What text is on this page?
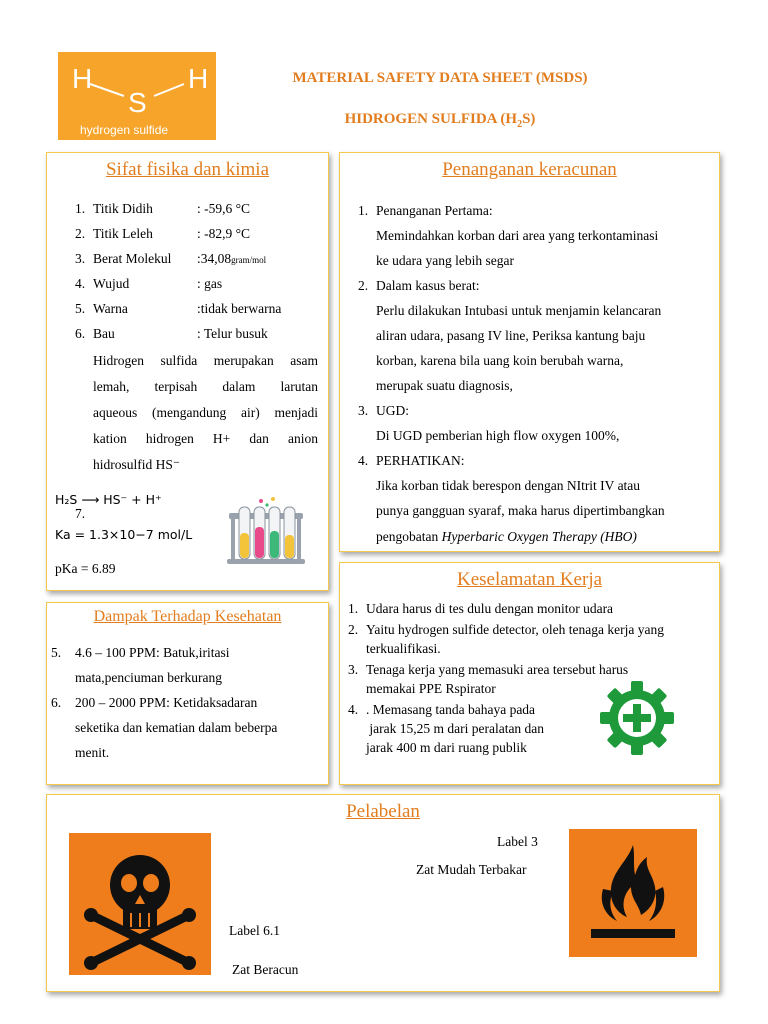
H
S
H
hydrogen sulfide
MATERIAL SAFETY DATA SHEET (MSDS)
HIDROGEN SULFIDA $(H_2S)$
Sifat fisika dan kimia
1. Titik Didih	: -59,6 °C
2. Titik Leleh	: -82,9 °C
3. Berat Molekul :34,08gram/mol
4. Wujud	: gas
5. Warna	:tidak berwarna
6. Bau	: Telur busuk
7.
Hidrogen sulfida merupakan asam
lemah, terpisah dalam larutan
aqueous (mengandung air) menjadi
kation hidrogen H+ dan anion
hidrosulfid HS⁻
H₂S ⟶ HS⁻ + H⁺
Ka = 1.3×10−7 mol/L
pKa = 6.89
Penanganan keracunan
1. Penanganan Pertama:
Memindahkan korban dari area yang terkontaminasi
ke udara yang lebih segar
2. Dalam kasus berat:
Perlu dilakukan Intubasi untuk menjamin kelancaran
aliran udara, pasang IV line, Periksa kantung baju
korban, karena bila uang koin berubah warna,
merupak suatu diagnosis,
3. UGD:
Di UGD pemberian high flow oxygen 100%,
4. PERHATIKAN:
Jika korban tidak berespon dengan NItrit IV atau
punya gangguan syaraf, maka harus dipertimbangkan
pengobatan Hyperbaric Oxygen Therapy (HBO)
Dampak Terhadap Kesehatan
5. 4.6 – 100 PPM: Batuk,iritasi
mata,penciuman berkurang
6. 200 – 2000 PPM: Ketidaksadaran
seketika dan kematian dalam beberpa
menit.
Keselamatan Kerja
1. Udara harus di tes dulu dengan monitor udara
2. Yaitu hydrogen sulfide detector, oleh tenaga kerja yang
terkualifikasi.
3. Tenaga kerja yang memasuki area tersebut harus
memakai PPE Rspirator
4. . Memasang tanda bahaya pada
jarak 15,25 m dari peralatan dan
jarak 400 m dari ruang publik
Pelabelan
Label 6.1
Zat Beracun
Label 3
Zat Mudah Terbakar
